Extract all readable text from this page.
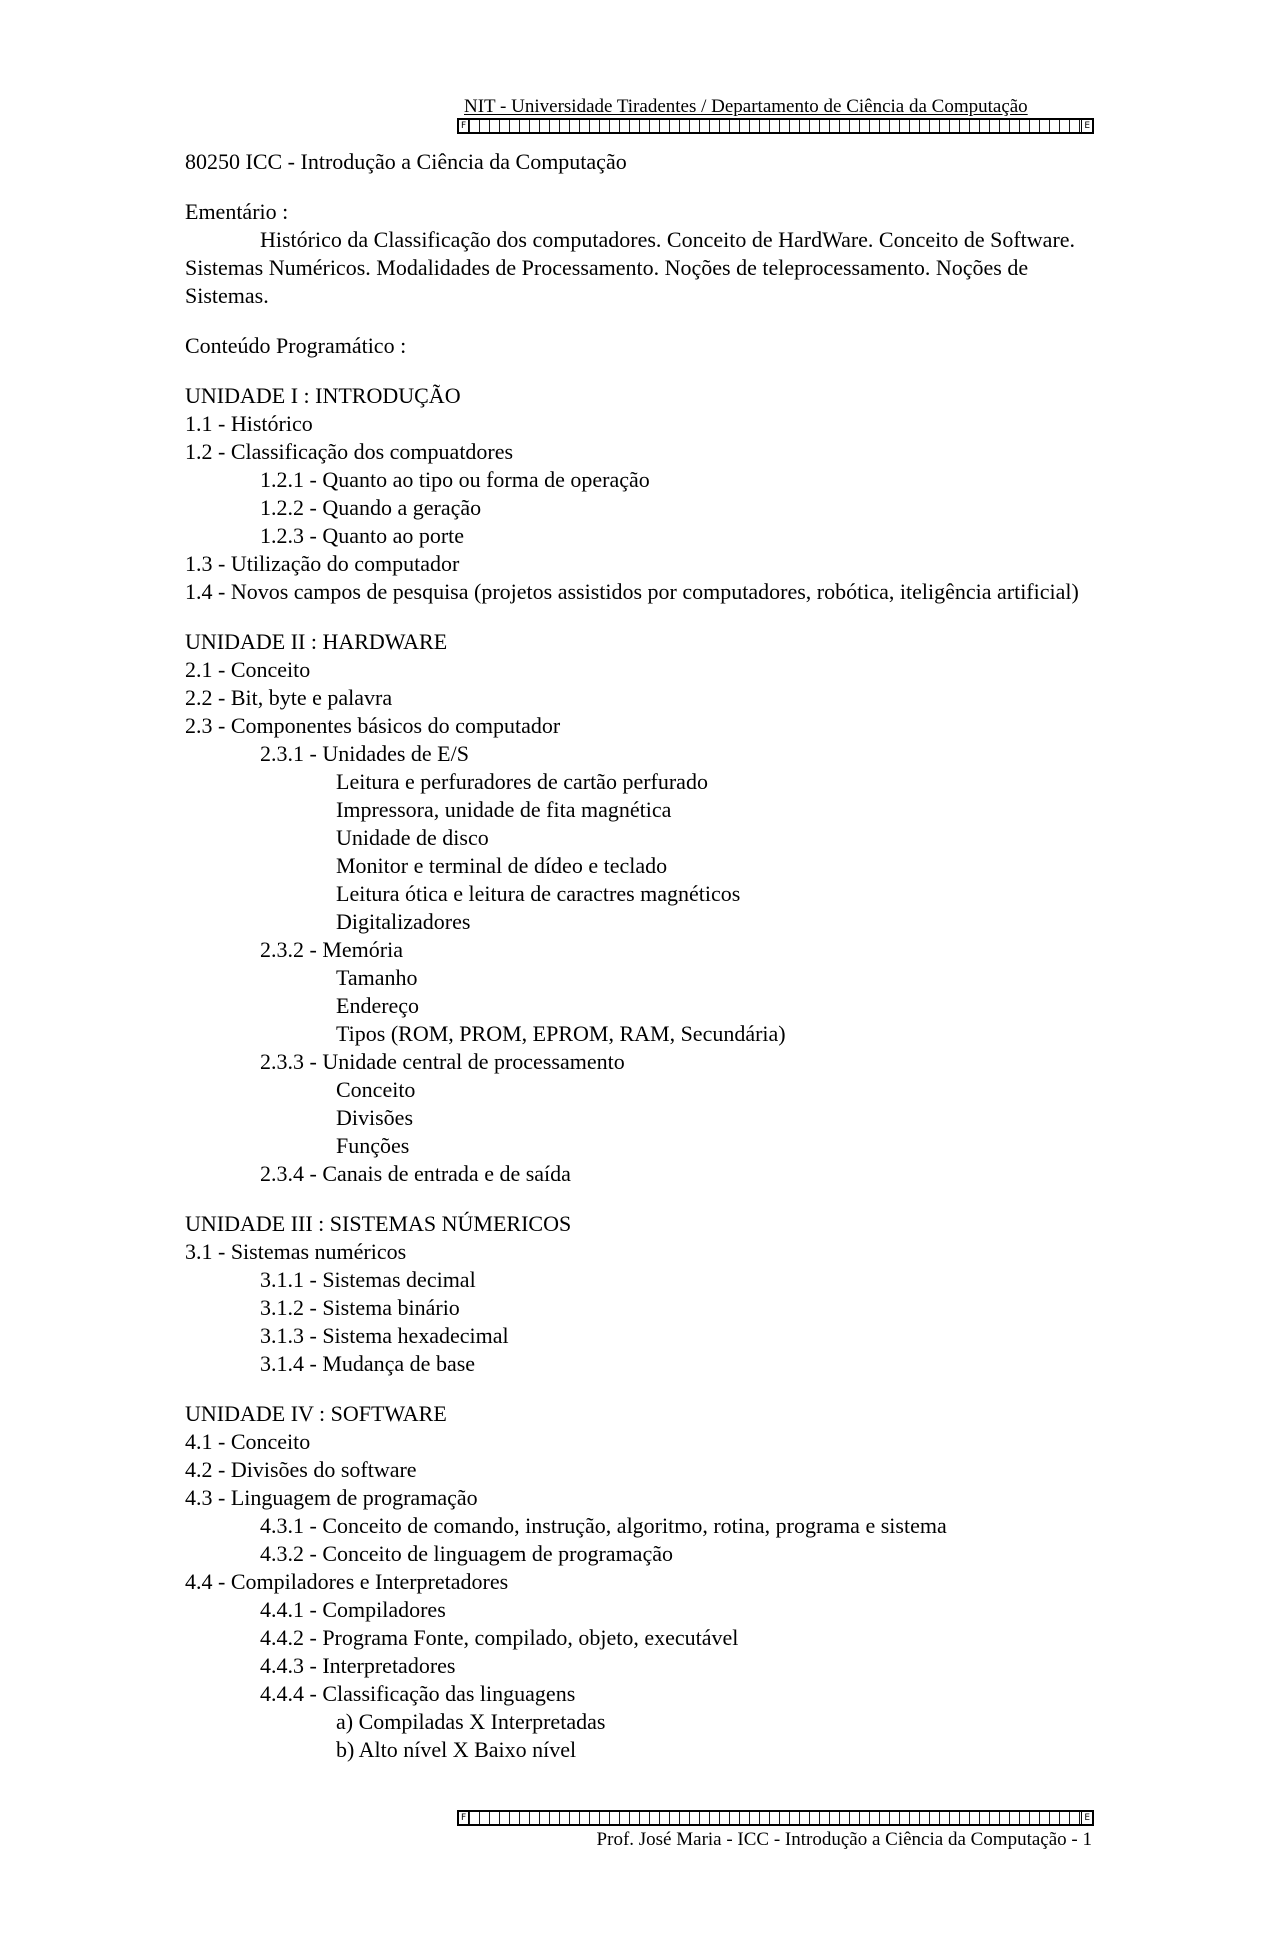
NIT - Universidade Tiradentes / Departamento de Ciência da Computação
F	E

80250 ICC - Introdução a Ciência da Computação

Ementário :

Histórico da Classificação dos computadores. Conceito de HardWare. Conceito de Software. Sistemas Numéricos. Modalidades de Processamento. Noções de teleprocessamento. Noções de Sistemas.

Conteúdo Programático :

UNIDADE I : INTRODUÇÃO

1.1 - Histórico

1.2 - Classificação dos compuatdores

1.2.1 - Quanto ao tipo ou forma de operação

1.2.2 - Quando a geração

1.2.3 - Quanto ao porte

1.3 - Utilização do computador

1.4 - Novos campos de pesquisa (projetos assistidos por computadores, robótica, iteligência artificial)

UNIDADE II : HARDWARE

2.1 - Conceito

2.2 - Bit, byte e palavra

2.3 - Componentes básicos do computador

2.3.1 - Unidades de E/S

Leitura e perfuradores de cartão perfurado

Impressora, unidade de fita magnética

Unidade de disco

Monitor e terminal de dídeo e teclado

Leitura ótica e leitura de caractres magnéticos

Digitalizadores

2.3.2 - Memória

Tamanho

Endereço

Tipos (ROM, PROM, EPROM, RAM, Secundária)

2.3.3 - Unidade central de processamento

Conceito

Divisões

Funções

2.3.4 - Canais de entrada e de saída

UNIDADE III : SISTEMAS NÚMERICOS

3.1 - Sistemas numéricos

3.1.1 - Sistemas decimal

3.1.2 - Sistema binário

3.1.3 - Sistema hexadecimal

3.1.4 - Mudança de base

UNIDADE IV : SOFTWARE

4.1 - Conceito

4.2 - Divisões do software

4.3 - Linguagem de programação

4.3.1 - Conceito de comando, instrução, algoritmo, rotina, programa e sistema

4.3.2 - Conceito de linguagem de programação

4.4 - Compiladores e Interpretadores

4.4.1 - Compiladores

4.4.2 - Programa Fonte, compilado, objeto, executável

4.4.3 - Interpretadores

4.4.4 - Classificação das linguagens

a) Compiladas X Interpretadas

b) Alto nível X Baixo nível

F	E
Prof. José Maria - ICC - Introdução a Ciência da Computação - 1
